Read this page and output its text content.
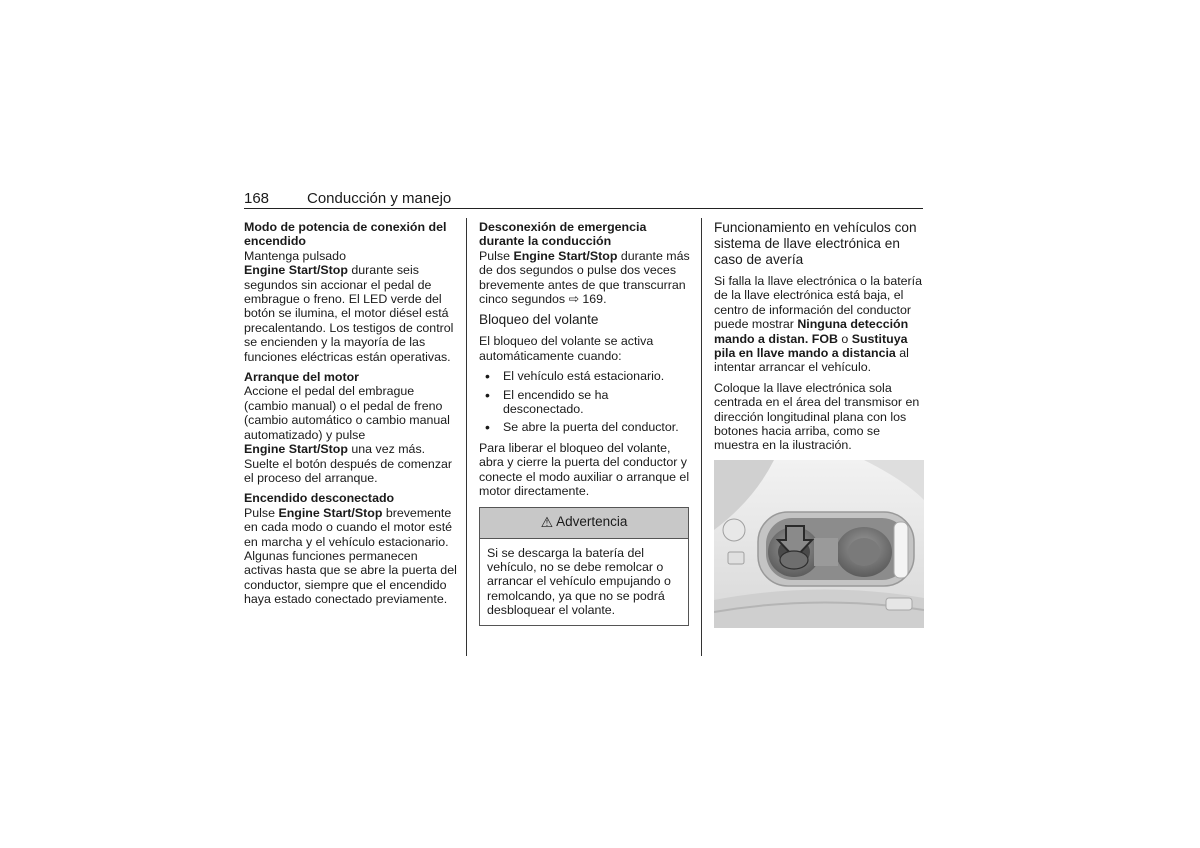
168	Conducción y manejo
Modo de potencia de conexión del encendido
Mantenga pulsado
Engine Start/Stop durante seis segundos sin accionar el pedal de embrague o freno. El LED verde del botón se ilumina, el motor diésel está precalentando. Los testigos de control se encienden y la mayoría de las funciones eléctricas están operativas.
Arranque del motor
Accione el pedal del embrague (cambio manual) o el pedal de freno (cambio automático o cambio manual automatizado) y pulse
Engine Start/Stop una vez más. Suelte el botón después de comenzar el proceso del arranque.
Encendido desconectado
Pulse Engine Start/Stop brevemente en cada modo o cuando el motor esté en marcha y el vehículo estacionario. Algunas funciones permanecen activas hasta que se abre la puerta del conductor, siempre que el encendido haya estado conectado previamente.
Desconexión de emergencia durante la conducción
Pulse Engine Start/Stop durante más de dos segundos o pulse dos veces brevemente antes de que transcurran cinco segundos ⇨ 169.
Bloqueo del volante
El bloqueo del volante se activa automáticamente cuando:
• El vehículo está estacionario.
• El encendido se ha desconectado.
• Se abre la puerta del conductor.
Para liberar el bloqueo del volante, abra y cierre la puerta del conductor y conecte el modo auxiliar o arranque el motor directamente.
⚠ Advertencia
Si se descarga la batería del vehículo, no se debe remolcar o arrancar el vehículo empujando o remolcando, ya que no se podrá desbloquear el volante.
Funcionamiento en vehículos con sistema de llave electrónica en caso de avería
Si falla la llave electrónica o la batería de la llave electrónica está baja, el centro de información del conductor puede mostrar Ninguna detección mando a distan. FOB o Sustituya pila en llave mando a distancia al intentar arrancar el vehículo.
Coloque la llave electrónica sola centrada en el área del transmisor en dirección longitudinal plana con los botones hacia arriba, como se muestra en la ilustración.
